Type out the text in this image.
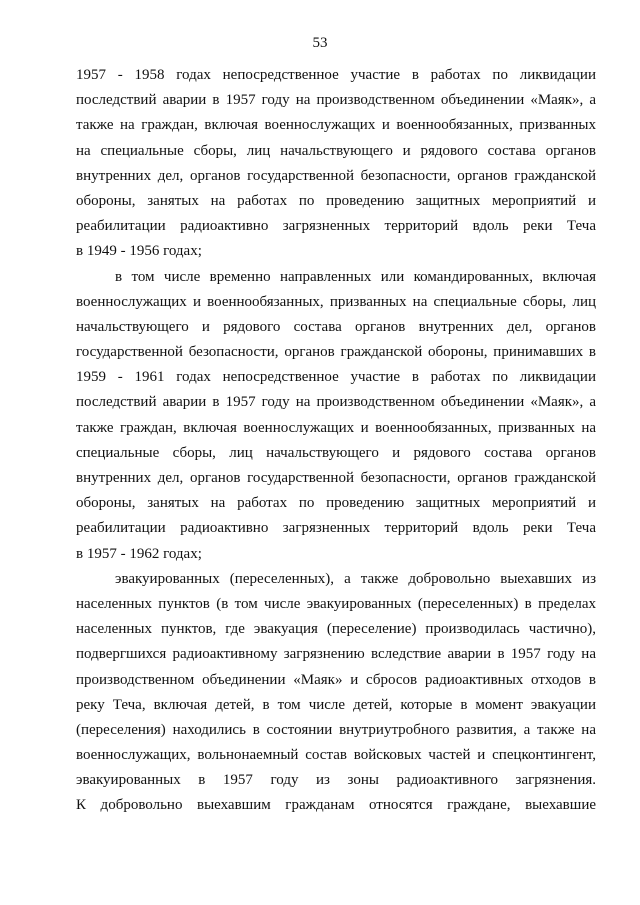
53
1957 - 1958 годах непосредственное участие в работах по ликвидации
последствий аварии в 1957 году на производственном объединении «Маяк», а
также на граждан, включая военнослужащих и военнообязанных, призванных
на специальные сборы, лиц начальствующего и рядового состава органов
внутренних дел, органов государственной безопасности, органов гражданской
обороны, занятых на работах по проведению защитных мероприятий и
реабилитации радиоактивно загрязненных территорий вдоль реки Теча
в 1949 - 1956 годах;
в том числе временно направленных или командированных, включая
военнослужащих и военнообязанных, призванных на специальные сборы, лиц
начальствующего и рядового состава органов внутренних дел, органов
государственной безопасности, органов гражданской обороны, принимавших в
1959 - 1961 годах непосредственное участие в работах по ликвидации
последствий аварии в 1957 году на производственном объединении «Маяк», а
также граждан, включая военнослужащих и военнообязанных, призванных на
специальные сборы, лиц начальствующего и рядового состава органов
внутренних дел, органов государственной безопасности, органов гражданской
обороны, занятых на работах по проведению защитных мероприятий и
реабилитации радиоактивно загрязненных территорий вдоль реки Теча
в 1957 - 1962 годах;
эвакуированных (переселенных), а также добровольно выехавших из
населенных пунктов (в том числе эвакуированных (переселенных) в пределах
населенных пунктов, где эвакуация (переселение) производилась частично),
подвергшихся радиоактивному загрязнению вследствие аварии в 1957 году на
производственном объединении «Маяк» и сбросов радиоактивных отходов в
реку Теча, включая детей, в том числе детей, которые в момент эвакуации
(переселения) находились в состоянии внутриутробного развития, а также на
военнослужащих, вольнонаемный состав войсковых частей и спецконтингент,
эвакуированных в 1957 году из зоны радиоактивного загрязнения.
К добровольно выехавшим гражданам относятся граждане, выехавшие
